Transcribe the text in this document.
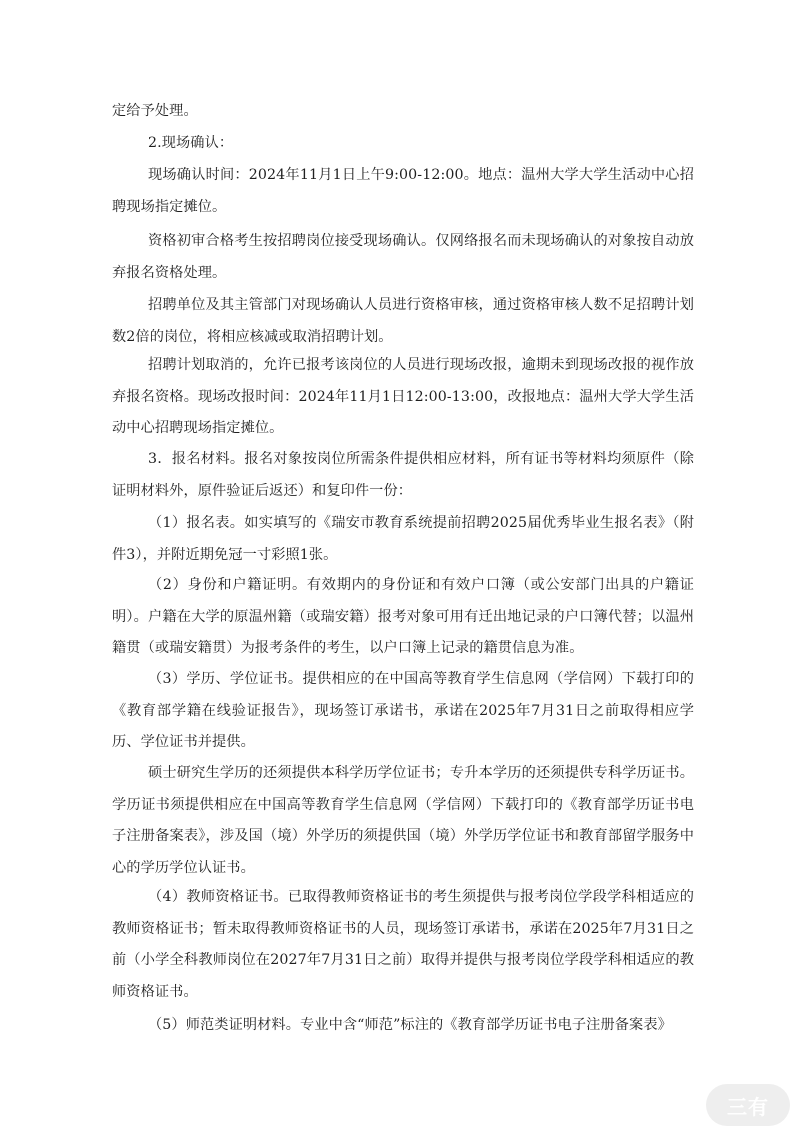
定给予处理。

2.现场确认：

现场确认时间：2024年11月1日上午9:00-12:00。地点：温州大学大学生活动中心招聘现场指定摊位。

资格初审合格考生按招聘岗位接受现场确认。仅网络报名而未现场确认的对象按自动放弃报名资格处理。

招聘单位及其主管部门对现场确认人员进行资格审核，通过资格审核人数不足招聘计划数2倍的岗位，将相应核减或取消招聘计划。

招聘计划取消的，允许已报考该岗位的人员进行现场改报，逾期未到现场改报的视作放弃报名资格。现场改报时间：2024年11月1日12:00-13:00，改报地点：温州大学大学生活动中心招聘现场指定摊位。

3．报名材料。报名对象按岗位所需条件提供相应材料，所有证书等材料均须原件（除证明材料外，原件验证后返还）和复印件一份：

（1）报名表。如实填写的《瑞安市教育系统提前招聘2025届优秀毕业生报名表》（附件3），并附近期免冠一寸彩照1张。

（2）身份和户籍证明。有效期内的身份证和有效户口簿（或公安部门出具的户籍证明）。户籍在大学的原温州籍（或瑞安籍）报考对象可用有迁出地记录的户口簿代替；以温州籍贯（或瑞安籍贯）为报考条件的考生，以户口簿上记录的籍贯信息为准。

（3）学历、学位证书。提供相应的在中国高等教育学生信息网（学信网）下载打印的《教育部学籍在线验证报告》，现场签订承诺书，承诺在2025年7月31日之前取得相应学历、学位证书并提供。

硕士研究生学历的还须提供本科学历学位证书；专升本学历的还须提供专科学历证书。学历证书须提供相应在中国高等教育学生信息网（学信网）下载打印的《教育部学历证书电子注册备案表》，涉及国（境）外学历的须提供国（境）外学历学位证书和教育部留学服务中心的学历学位认证书。

（4）教师资格证书。已取得教师资格证书的考生须提供与报考岗位学段学科相适应的教师资格证书；暂未取得教师资格证书的人员，现场签订承诺书，承诺在2025年7月31日之前（小学全科教师岗位在2027年7月31日之前）取得并提供与报考岗位学段学科相适应的教师资格证书。

（5）师范类证明材料。专业中含“师范”标注的《教育部学历证书电子注册备案表》

三有
